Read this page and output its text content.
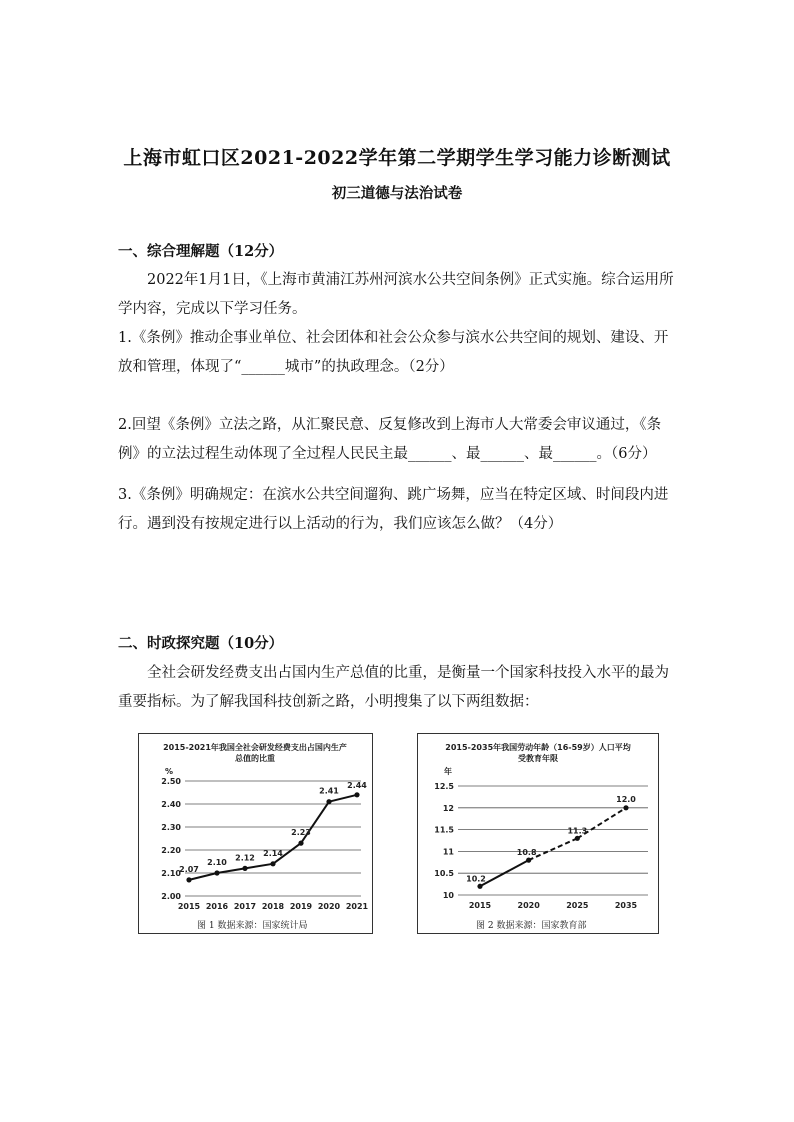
上海市虹口区2021-2022学年第二学期学生学习能力诊断测试
初三道德与法治试卷
一、综合理解题（12分）
2022年1月1日，《上海市黄浦江苏州河滨水公共空间条例》正式实施。综合运用所学内容，完成以下学习任务。
1.《条例》推动企事业单位、社会团体和社会公众参与滨水公共空间的规划、建设、开放和管理，体现了“______城市”的执政理念。（2分）
2.回望《条例》立法之路，从汇聚民意、反复修改到上海市人大常委会审议通过，《条例》的立法过程生动体现了全过程人民民主最______、最______、最______。（6分）
3.《条例》明确规定：在滨水公共空间遛狗、跳广场舞，应当在特定区域、时间段内进行。遇到没有按规定进行以上活动的行为，我们应该怎么做？（4分）
二、时政探究题（10分）
全社会研发经费支出占国内生产总值的比重，是衡量一个国家科技投入水平的最为重要指标。为了解我国科技创新之路，小明搜集了以下两组数据：
2015-2021年我国全社会研发经费支出占国内生产
总值的比重
%
图 1 数据来源：国家统计局
2.00
2.10
2.20
2.30
2.40
2.50
2015 2016 2017 2018 2019 2020 2021
2.07
2.10
2.12
2.14
2.23
2.41
2.44
2015-2035年我国劳动年龄（16-59岁）人口平均
受教育年限
年
图 2 数据来源：国家教育部
10
10.5
11
11.5
12
12.5
2015	2020	2025	2035
10.2
10.8
11.3
12.0
